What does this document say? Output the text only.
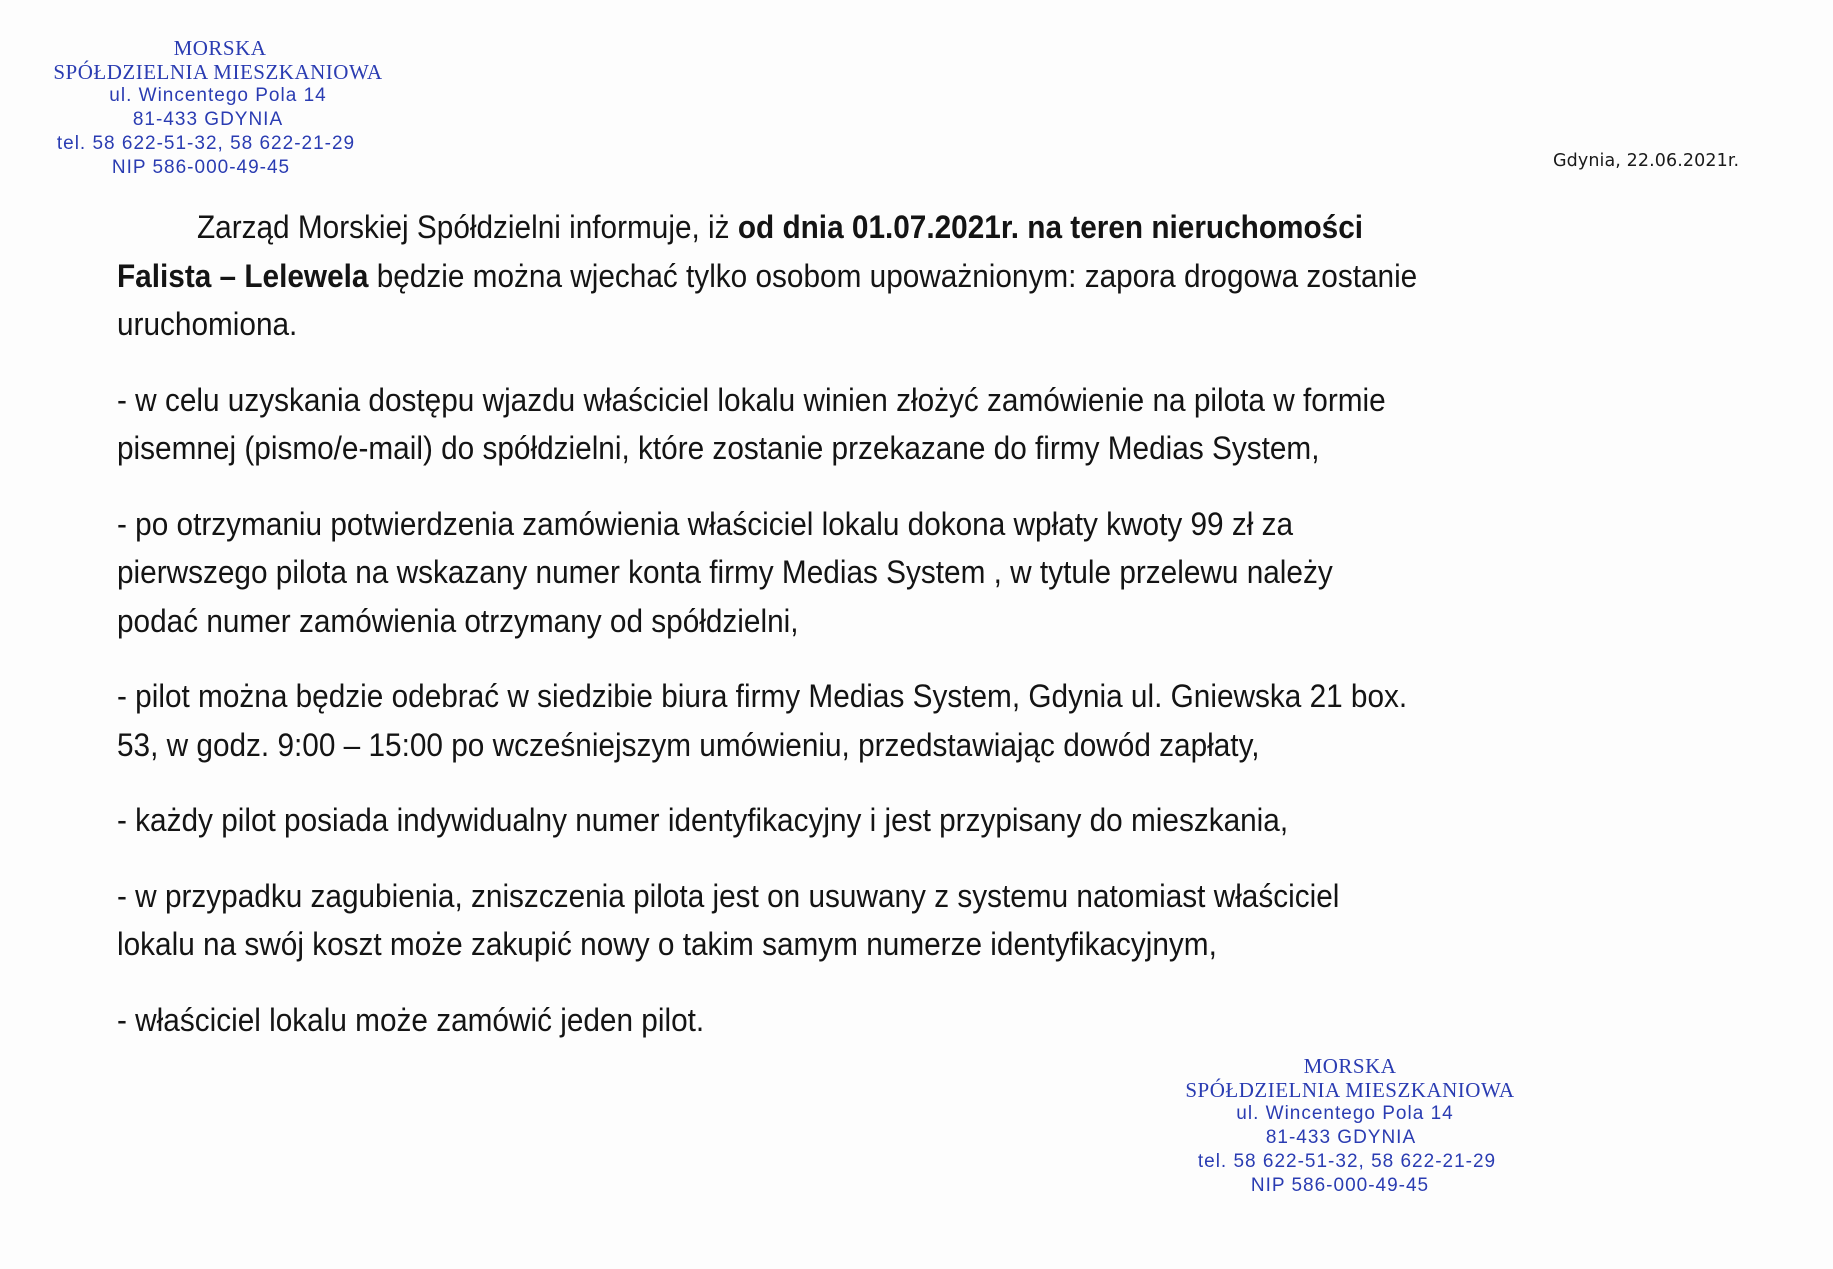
MORSKA
SPÓŁDZIELNIA MIESZKANIOWA
ul. Wincentego Pola 14
81-433 GDYNIA
tel. 58 622-51-32, 58 622-21-29
NIP 586-000-49-45	Gdynia, 22.06.2021r.

Zarząd Morskiej Spółdzielni informuje, iż od dnia 01.07.2021r. na teren nieruchomości

Falista – Lelewela będzie można wjechać tylko osobom upoważnionym: zapora drogowa zostanie

uruchomiona.

- w celu uzyskania dostępu wjazdu właściciel lokalu winien złożyć zamówienie na pilota w formie

pisemnej (pismo/e-mail) do spółdzielni, które zostanie przekazane do firmy Medias System,

- po otrzymaniu potwierdzenia zamówienia właściciel lokalu dokona wpłaty kwoty 99 zł za

pierwszego pilota na wskazany numer konta firmy Medias System , w tytule przelewu należy

podać numer zamówienia otrzymany od spółdzielni,

- pilot można będzie odebrać w siedzibie biura firmy Medias System, Gdynia ul. Gniewska 21 box.

53, w godz. 9:00 – 15:00 po wcześniejszym umówieniu, przedstawiając dowód zapłaty,

- każdy pilot posiada indywidualny numer identyfikacyjny i jest przypisany do mieszkania,

- w przypadku zagubienia, zniszczenia pilota jest on usuwany z systemu natomiast właściciel

lokalu na swój koszt może zakupić nowy o takim samym numerze identyfikacyjnym,

- właściciel lokalu może zamówić jeden pilot.

MORSKA
SPÓŁDZIELNIA MIESZKANIOWA
ul. Wincentego Pola 14
81-433 GDYNIA
tel. 58 622-51-32, 58 622-21-29
NIP 586-000-49-45
